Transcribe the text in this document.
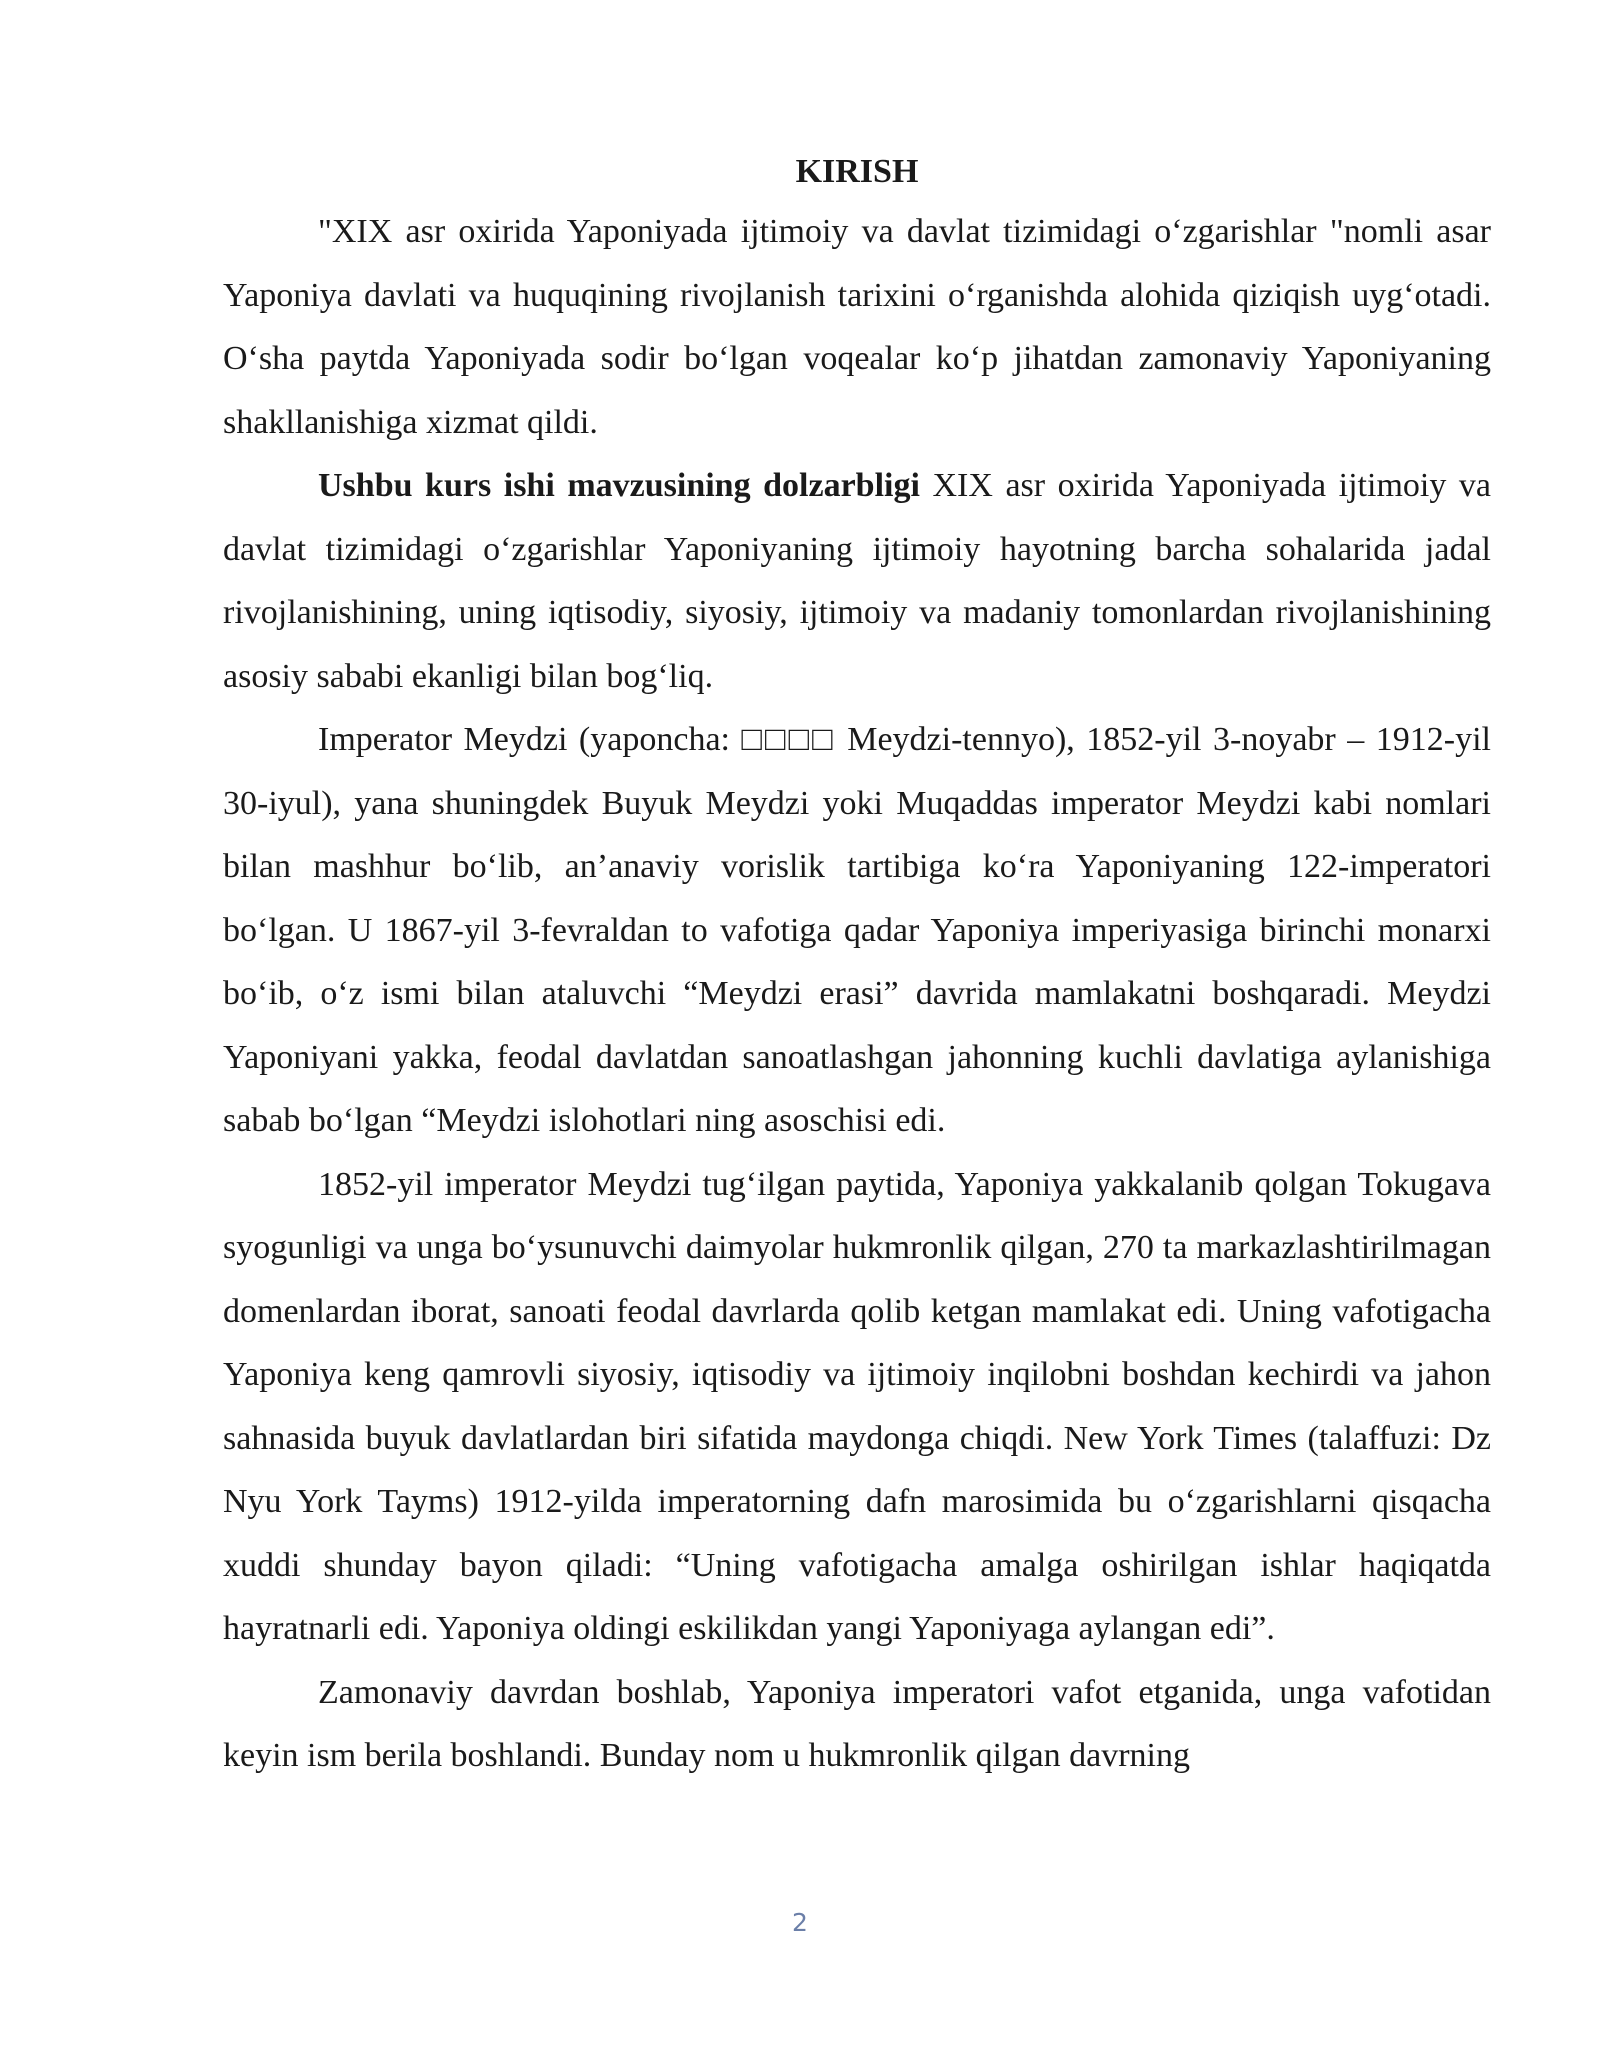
KIRISH

"XIX asr oxirida Yaponiyada ijtimoiy va davlat tizimidagi oʻzgarishlar "nomli asar Yaponiya davlati va huquqining rivojlanish tarixini oʻrganishda alohida qiziqish uygʻotadi. Oʻsha paytda Yaponiyada sodir boʻlgan voqealar koʻp jihatdan zamonaviy Yaponiyaning shakllanishiga xizmat qildi.

Ushbu kurs ishi mavzusining dolzarbligi XIX asr oxirida Yaponiyada ijtimoiy va davlat tizimidagi oʻzgarishlar Yaponiyaning ijtimoiy hayotning barcha sohalarida jadal rivojlanishining, uning iqtisodiy, siyosiy, ijtimoiy va madaniy tomonlardan rivojlanishining asosiy sababi ekanligi bilan bogʻliq.

Imperator Meydzi (yaponcha: □□□□ Meydzi-tennyo), 1852-yil 3-noyabr – 1912-yil 30-iyul), yana shuningdek Buyuk Meydzi yoki Muqaddas imperator Meydzi kabi nomlari bilan mashhur boʻlib, an’anaviy vorislik tartibiga koʻra Yaponiyaning 122-imperatori boʻlgan. U 1867-yil 3-fevraldan to vafotiga qadar Yaponiya imperiyasiga birinchi monarxi boʻib, oʻz ismi bilan ataluvchi “Meydzi erasi” davrida mamlakatni boshqaradi. Meydzi Yaponiyani yakka, feodal davlatdan sanoatlashgan jahonning kuchli davlatiga aylanishiga sabab boʻlgan “Meydzi islohotlari ning asoschisi edi.

1852-yil imperator Meydzi tugʻilgan paytida, Yaponiya yakkalanib qolgan Tokugava syogunligi va unga boʻysunuvchi daimyolar hukmronlik qilgan, 270 ta markazlashtirilmagan domenlardan iborat, sanoati feodal davrlarda qolib ketgan mamlakat edi. Uning vafotigacha Yaponiya keng qamrovli siyosiy, iqtisodiy va ijtimoiy inqilobni boshdan kechirdi va jahon sahnasida buyuk davlatlardan biri sifatida maydonga chiqdi. New York Times (talaffuzi: Dz Nyu York Tayms) 1912-yilda imperatorning dafn marosimida bu oʻzgarishlarni qisqacha xuddi shunday bayon qiladi: “Uning vafotigacha amalga oshirilgan ishlar haqiqatda hayratnarli edi. Yaponiya oldingi eskilikdan yangi Yaponiyaga aylangan edi”.

Zamonaviy davrdan boshlab, Yaponiya imperatori vafot etganida, unga vafotidan keyin ism berila boshlandi. Bunday nom u hukmronlik qilgan davrning

2
